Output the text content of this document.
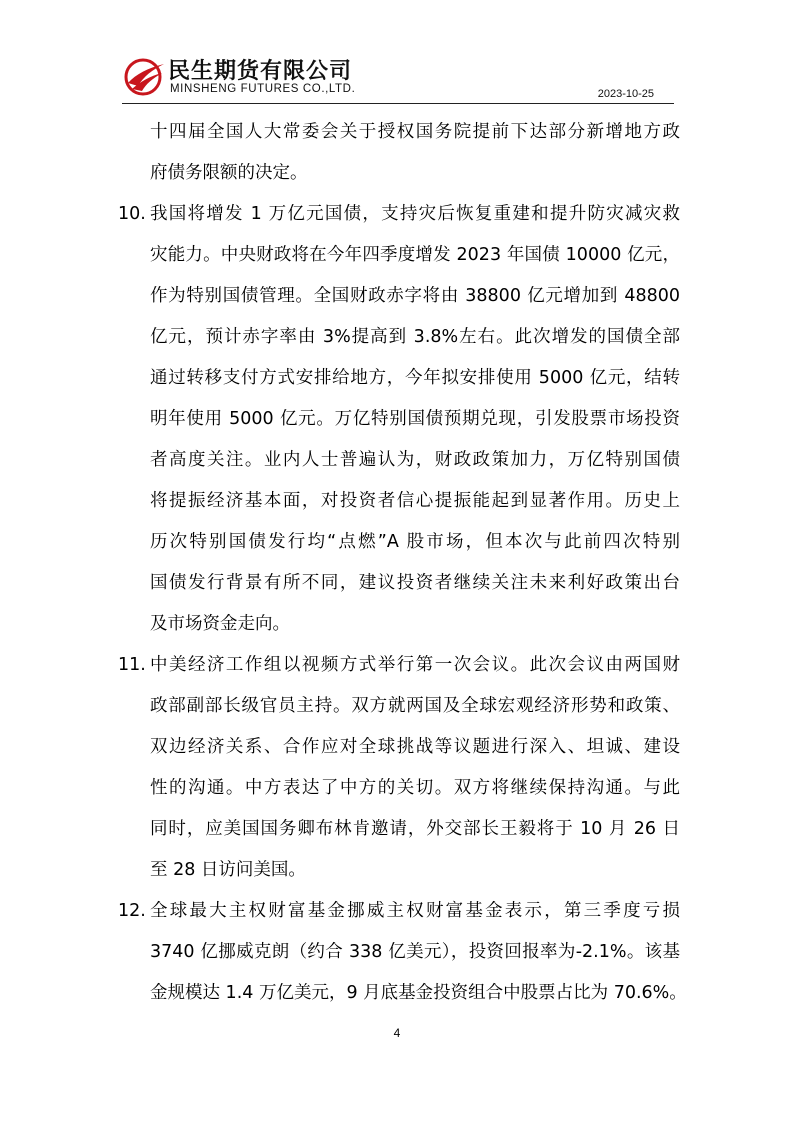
民生期货有限公司
MINSHENG FUTURES CO.,LTD.	2023-10-25
十四届全国人大常委会关于授权国务院提前下达部分新增地方政
府债务限额的决定。
10. 我国将增发 1 万亿元国债，支持灾后恢复重建和提升防灾减灾救
灾能力。中央财政将在今年四季度增发 2023 年国债 10000 亿元，
作为特别国债管理。全国财政赤字将由 38800 亿元增加到 48800
亿元，预计赤字率由 3%提高到 3.8%左右。此次增发的国债全部
通过转移支付方式安排给地方，今年拟安排使用 5000 亿元，结转
明年使用 5000 亿元。万亿特别国债预期兑现，引发股票市场投资
者高度关注。业内人士普遍认为，财政政策加力，万亿特别国债
将提振经济基本面，对投资者信心提振能起到显著作用。历史上
历次特别国债发行均“点燃”A 股市场，但本次与此前四次特别
国债发行背景有所不同，建议投资者继续关注未来利好政策出台
及市场资金走向。
11. 中美经济工作组以视频方式举行第一次会议。此次会议由两国财
政部副部长级官员主持。双方就两国及全球宏观经济形势和政策、
双边经济关系、合作应对全球挑战等议题进行深入、坦诚、建设
性的沟通。中方表达了中方的关切。双方将继续保持沟通。与此
同时，应美国国务卿布林肯邀请，外交部长王毅将于 10 月 26 日
至 28 日访问美国。
12. 全球最大主权财富基金挪威主权财富基金表示，第三季度亏损
3740 亿挪威克朗（约合 338 亿美元），投资回报率为-2.1%。该基
金规模达 1.4 万亿美元，9 月底基金投资组合中股票占比为 70.6%。
4
